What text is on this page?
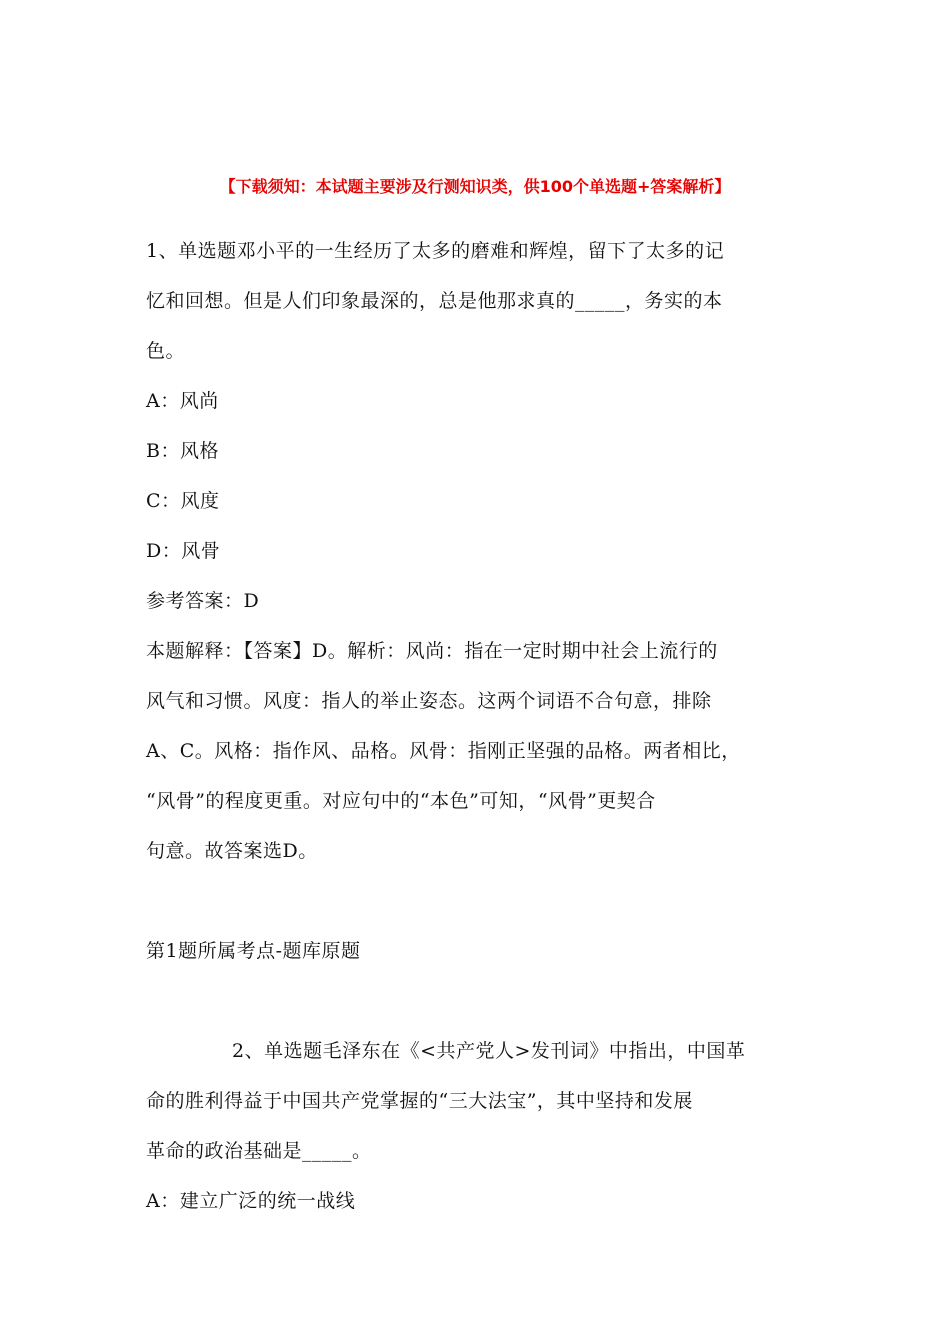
【下载须知：本试题主要涉及行测知识类，供100个单选题+答案解析】
1、单选题邓小平的一生经历了太多的磨难和辉煌，留下了太多的记
忆和回想。但是人们印象最深的，总是他那求真的_____，务实的本
色。
A：风尚
B：风格
C：风度
D：风骨
参考答案：D
本题解释：【答案】D。解析：风尚：指在一定时期中社会上流行的
风气和习惯。风度：指人的举止姿态。这两个词语不合句意，排除
A、C。风格：指作风、品格。风骨：指刚正坚强的品格。两者相比，
“风骨”的程度更重。对应句中的“本色”可知，“风骨”更契合
句意。故答案选D。
第1题所属考点-题库原题
2、单选题毛泽东在《<共产党人>发刊词》中指出，中国革
命的胜利得益于中国共产党掌握的“三大法宝”，其中坚持和发展
革命的政治基础是_____。
A：建立广泛的统一战线
